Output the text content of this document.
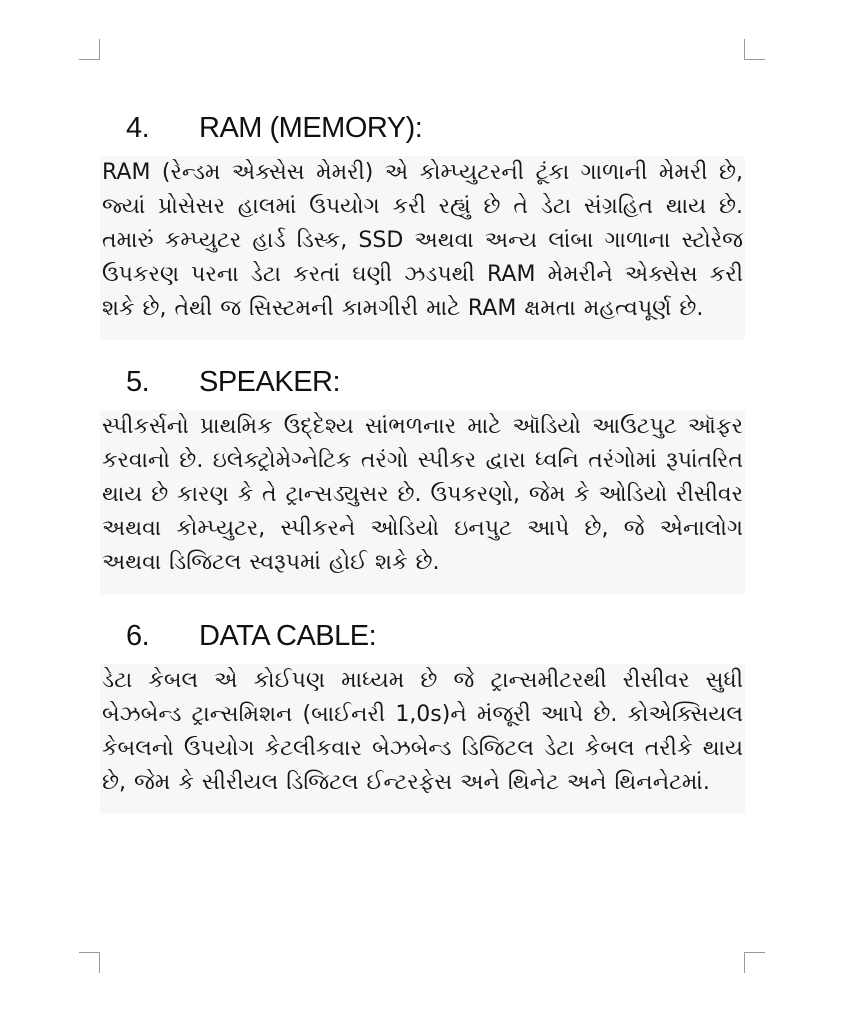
4.	RAM (MEMORY):

RAM (રેન્ડમ એક્સેસ મેમરી) એ કોમ્પ્યુટરની ટૂંકા ગાળાની મેમરી છે, જ્યાં પ્રોસેસર હાલમાં ઉપયોગ કરી રહ્યું છે તે ડેટા સંગ્રહિત થાય છે. તમારું કમ્પ્યુટર હાર્ડ ડિસ્ક, SSD અથવા અન્ય લાંબા ગાળાના સ્ટોરેજ ઉપકરણ પરના ડેટા કરતાં ઘણી ઝડપથી RAM મેમરીને એક્સેસ કરી શકે છે, તેથી જ સિસ્ટમની કામગીરી માટે RAM ક્ષમતા મહત્વપૂર્ણ છે.

5.	SPEAKER:

સ્પીકર્સનો પ્રાથમિક ઉદ્દેશ્ય સાંભળનાર માટે ઑડિયો આઉટપુટ ઑફર કરવાનો છે. ઇલેક્ટ્રોમેગ્નેટિક તરંગો સ્પીકર દ્વારા ધ્વનિ તરંગોમાં રૂપાંતરિત થાય છે કારણ કે તે ટ્રાન્સડ્યુસર છે. ઉપકરણો, જેમ કે ઓડિયો રીસીવર અથવા કોમ્પ્યુટર, સ્પીકરને ઓડિયો ઇનપુટ આપે છે, જે એનાલોગ અથવા ડિજિટલ સ્વરૂપમાં હોઈ શકે છે.

6.	DATA CABLE:

ડેટા કેબલ એ કોઈપણ માધ્યમ છે જે ટ્રાન્સમીટરથી રીસીવર સુધી બેઝબેન્ડ ટ્રાન્સમિશન (બાઈનરી 1,0s)ને મંજૂરી આપે છે. કોએક્સિયલ કેબલનો ઉપયોગ કેટલીકવાર બેઝબેન્ડ ડિજિટલ ડેટા કેબલ તરીકે થાય છે, જેમ કે સીરીયલ ડિજિટલ ઈન્ટરફેસ અને થિનેટ અને થિનનેટમાં.
